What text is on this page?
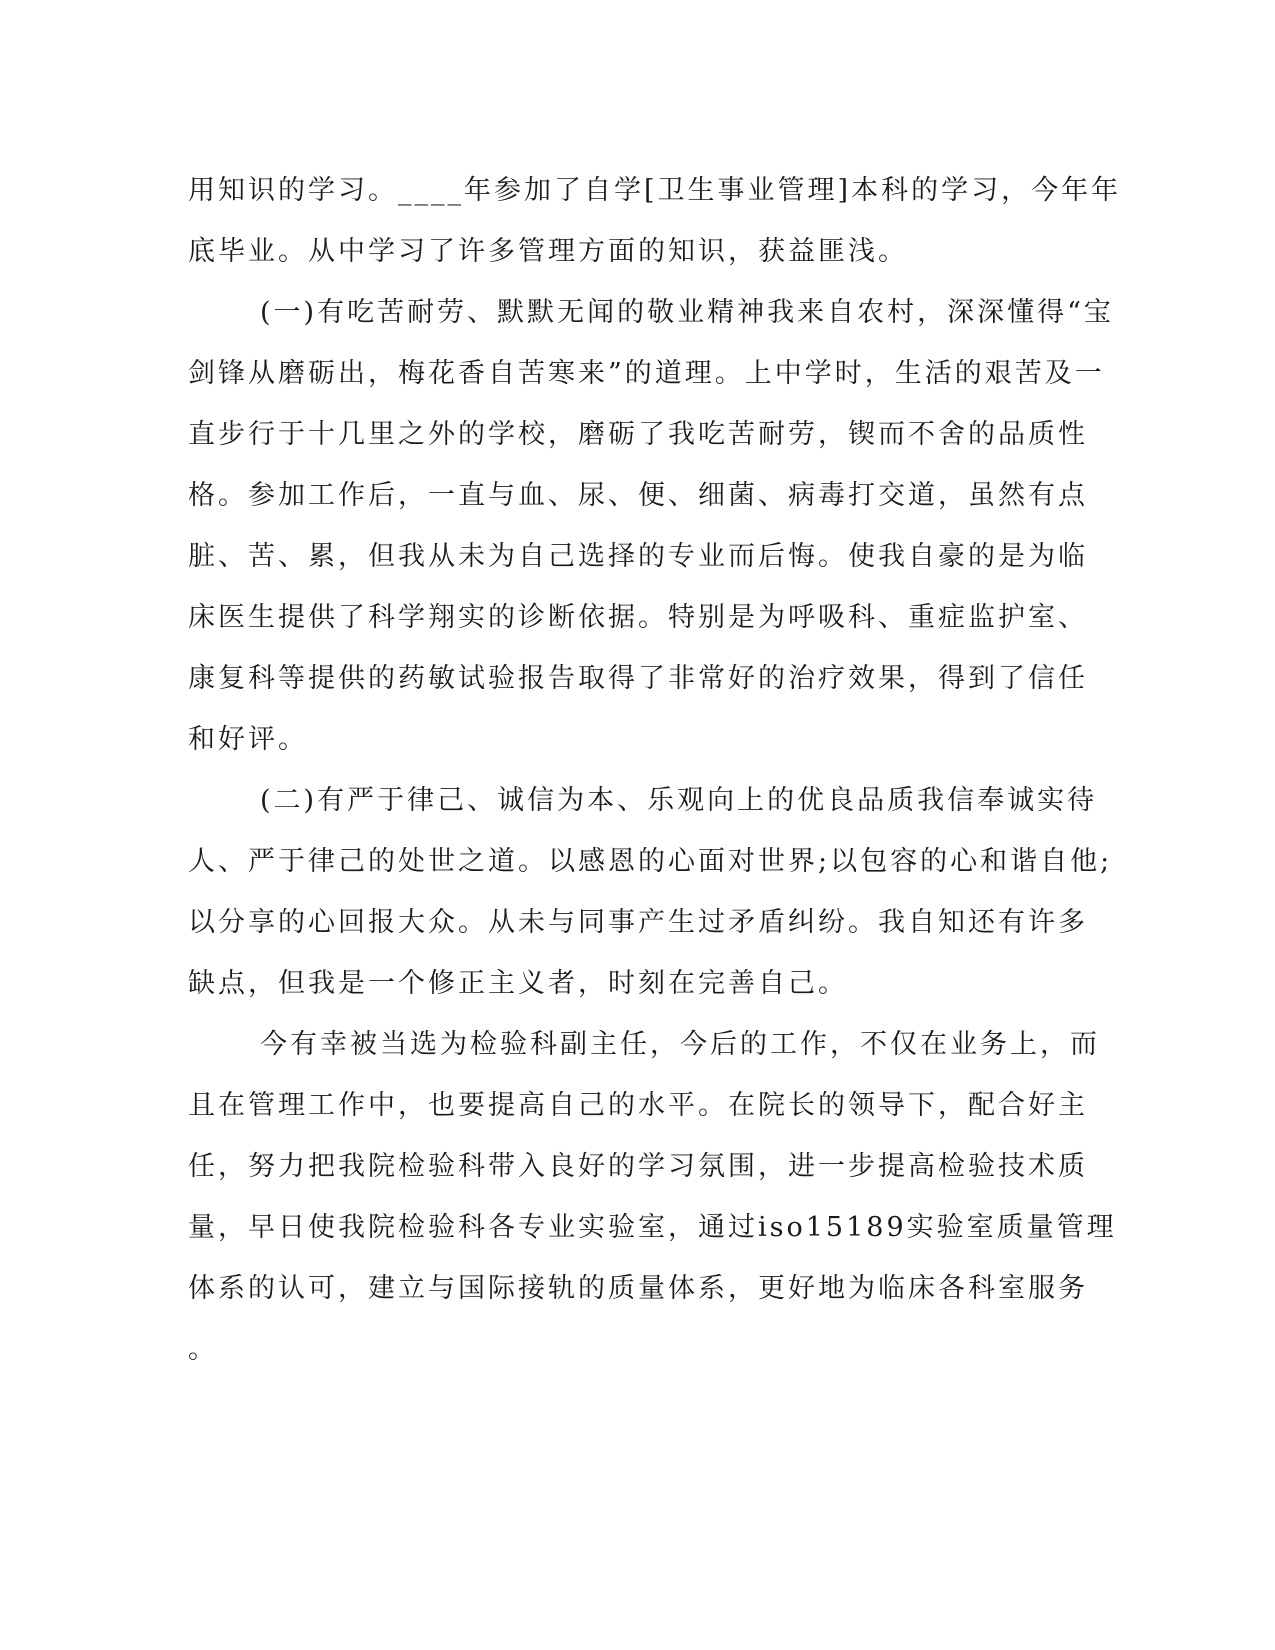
用知识的学习。____年参加了自学[卫生事业管理]本科的学习，今年年
底毕业。从中学习了许多管理方面的知识，获益匪浅。
(一)有吃苦耐劳、默默无闻的敬业精神我来自农村，深深懂得“宝
剑锋从磨砺出，梅花香自苦寒来”的道理。上中学时，生活的艰苦及一
直步行于十几里之外的学校，磨砺了我吃苦耐劳，锲而不舍的品质性
格。参加工作后，一直与血、尿、便、细菌、病毒打交道，虽然有点
脏、苦、累，但我从未为自己选择的专业而后悔。使我自豪的是为临
床医生提供了科学翔实的诊断依据。特别是为呼吸科、重症监护室、
康复科等提供的药敏试验报告取得了非常好的治疗效果，得到了信任
和好评。
(二)有严于律己、诚信为本、乐观向上的优良品质我信奉诚实待
人、严于律己的处世之道。以感恩的心面对世界;以包容的心和谐自他;
以分享的心回报大众。从未与同事产生过矛盾纠纷。我自知还有许多
缺点，但我是一个修正主义者，时刻在完善自己。
今有幸被当选为检验科副主任，今后的工作，不仅在业务上，而
且在管理工作中，也要提高自己的水平。在院长的领导下，配合好主
任，努力把我院检验科带入良好的学习氛围，进一步提高检验技术质
量，早日使我院检验科各专业实验室，通过iso15189实验室质量管理
体系的认可，建立与国际接轨的质量体系，更好地为临床各科室服务
。
